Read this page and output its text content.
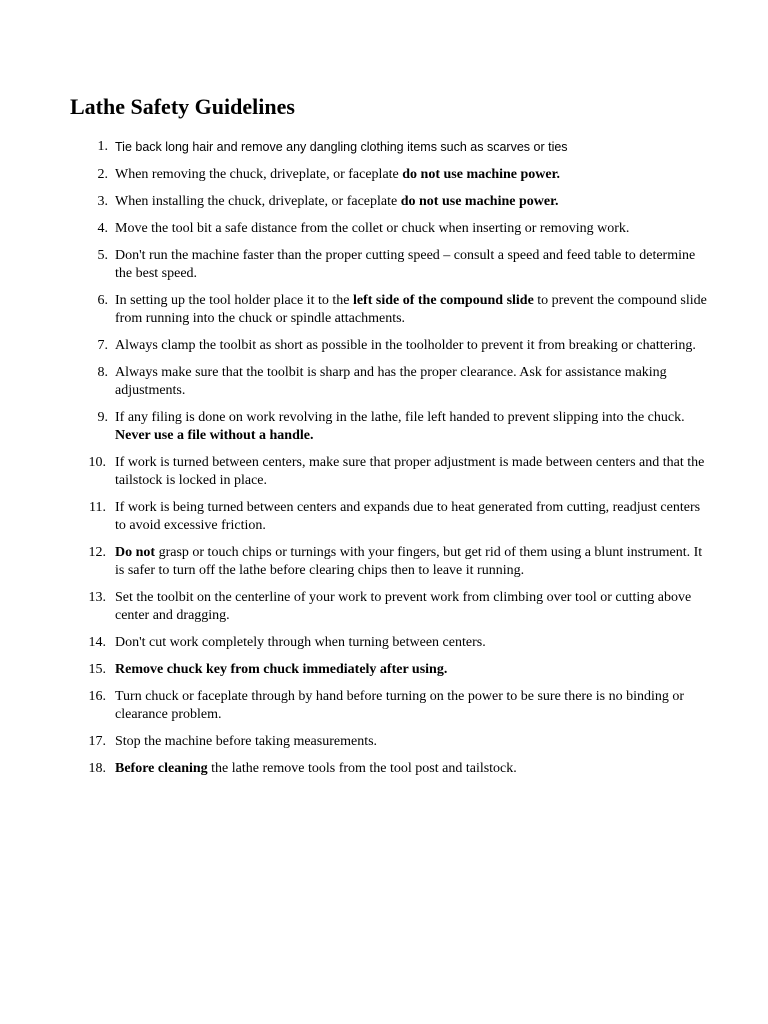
Lathe Safety Guidelines
1. Tie back long hair and remove any dangling clothing items such as scarves or ties
2. When removing the chuck, driveplate, or faceplate do not use machine power.
3. When installing the chuck, driveplate, or faceplate do not use machine power.
4. Move the tool bit a safe distance from the collet or chuck when inserting or removing work.
5. Don't run the machine faster than the proper cutting speed – consult a speed and feed table to determine the best speed.
6. In setting up the tool holder place it to the left side of the compound slide to prevent the compound slide from running into the chuck or spindle attachments.
7. Always clamp the toolbit as short as possible in the toolholder to prevent it from breaking or chattering.
8. Always make sure that the toolbit is sharp and has the proper clearance. Ask for assistance making adjustments.
9. If any filing is done on work revolving in the lathe, file left handed to prevent slipping into the chuck. Never use a file without a handle.
10. If work is turned between centers, make sure that proper adjustment is made between centers and that the tailstock is locked in place.
11. If work is being turned between centers and expands due to heat generated from cutting, readjust centers to avoid excessive friction.
12. Do not grasp or touch chips or turnings with your fingers, but get rid of them using a blunt instrument. It is safer to turn off the lathe before clearing chips then to leave it running.
13. Set the toolbit on the centerline of your work to prevent work from climbing over tool or cutting above center and dragging.
14. Don't cut work completely through when turning between centers.
15. Remove chuck key from chuck immediately after using.
16. Turn chuck or faceplate through by hand before turning on the power to be sure there is no binding or clearance problem.
17. Stop the machine before taking measurements.
18. Before cleaning the lathe remove tools from the tool post and tailstock.
